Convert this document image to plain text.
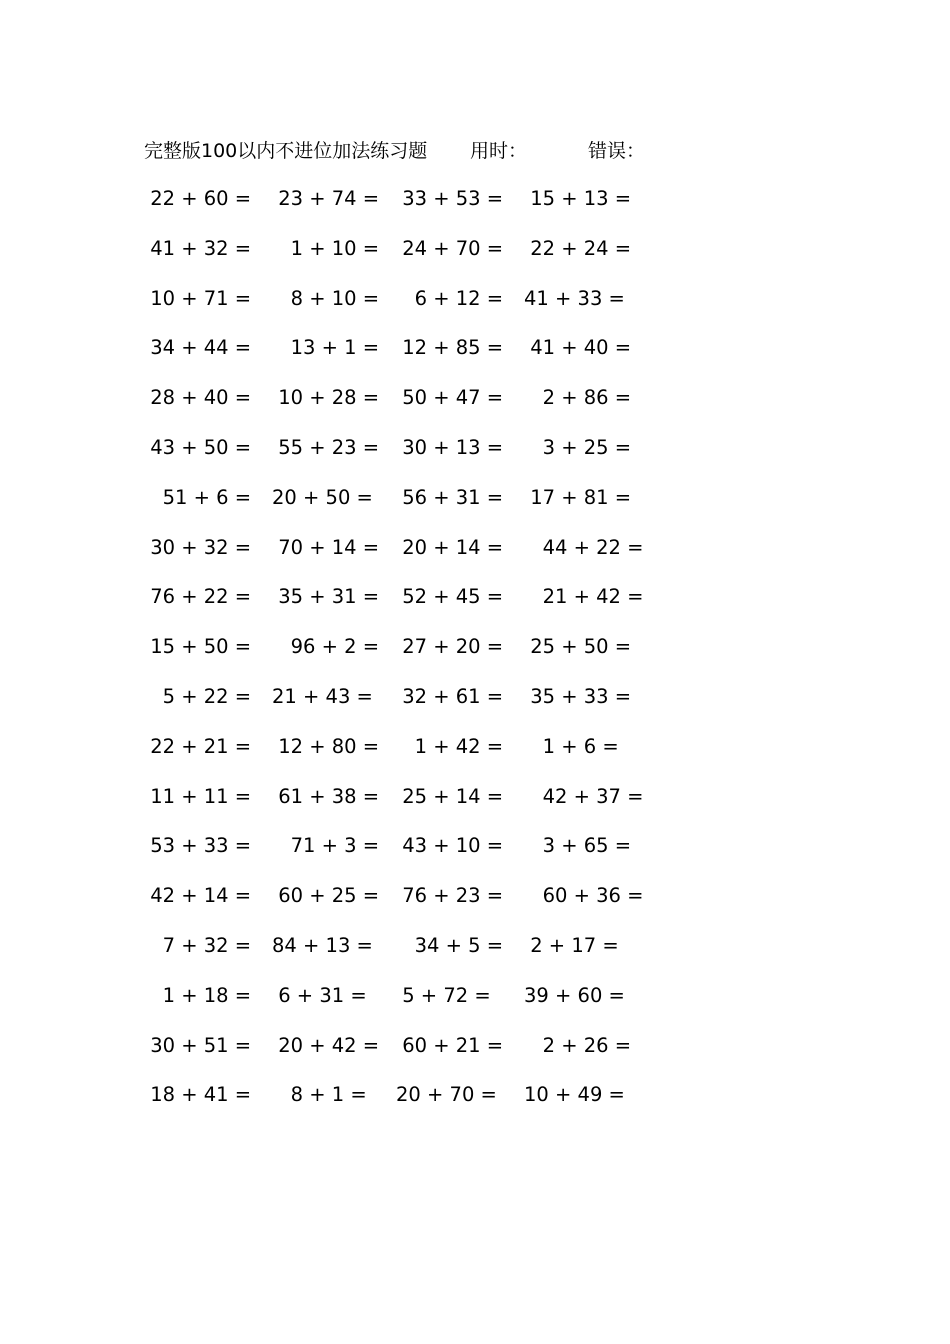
完整版100以内不进位加法练习题 用时：	错误：
22 + 60 = 23 + 74 = 33 + 53 = 15 + 13 =
41 + 32 = 1 + 10 = 24 + 70 = 22 + 24 =
10 + 71 = 8 + 10 = 6 + 12 = 41 + 33 =
34 + 44 = 13 + 1 = 12 + 85 = 41 + 40 =
28 + 40 = 10 + 28 = 50 + 47 = 2 + 86 =
43 + 50 = 55 + 23 = 30 + 13 = 3 + 25 =
51 + 6 = 20 + 50 = 56 + 31 = 17 + 81 =
30 + 32 = 70 + 14 = 20 + 14 = 44 + 22 =
76 + 22 = 35 + 31 = 52 + 45 = 21 + 42 =
15 + 50 = 96 + 2 = 27 + 20 = 25 + 50 =
5 + 22 = 21 + 43 = 32 + 61 = 35 + 33 =
22 + 21 = 12 + 80 = 1 + 42 = 1 + 6 =
11 + 11 = 61 + 38 = 25 + 14 = 42 + 37 =
53 + 33 = 71 + 3 = 43 + 10 = 3 + 65 =
42 + 14 = 60 + 25 = 76 + 23 = 60 + 36 =
7 + 32 = 84 + 13 = 34 + 5 = 2 + 17 =
1 + 18 = 6 + 31 = 5 + 72 = 39 + 60 =
30 + 51 = 20 + 42 = 60 + 21 = 2 + 26 =
18 + 41 = 8 + 1 = 20 + 70 = 10 + 49 =
